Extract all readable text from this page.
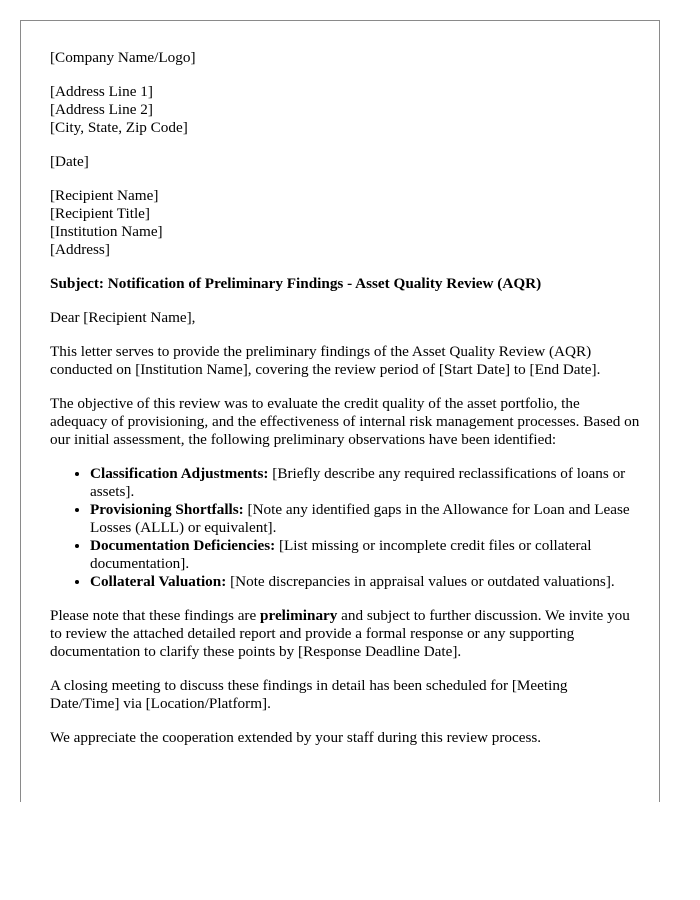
[Company Name/Logo]

[Address Line 1]
[Address Line 2]
[City, State, Zip Code]

[Date]

[Recipient Name]
[Recipient Title]
[Institution Name]
[Address]

Subject: Notification of Preliminary Findings - Asset Quality Review (AQR)

Dear [Recipient Name],

This letter serves to provide the preliminary findings of the Asset Quality Review (AQR) conducted on [Institution Name], covering the review period of [Start Date] to [End Date].

The objective of this review was to evaluate the credit quality of the asset portfolio, the adequacy of provisioning, and the effectiveness of internal risk management processes. Based on our initial assessment, the following preliminary observations have been identified:

• Classification Adjustments: [Briefly describe any required reclassifications of loans or assets].
• Provisioning Shortfalls: [Note any identified gaps in the Allowance for Loan and Lease Losses (ALLL) or equivalent].
• Documentation Deficiencies: [List missing or incomplete credit files or collateral documentation].
• Collateral Valuation: [Note discrepancies in appraisal values or outdated valuations].

Please note that these findings are preliminary and subject to further discussion. We invite you to review the attached detailed report and provide a formal response or any supporting documentation to clarify these points by [Response Deadline Date].

A closing meeting to discuss these findings in detail has been scheduled for [Meeting Date/Time] via [Location/Platform].

We appreciate the cooperation extended by your staff during this review process.
